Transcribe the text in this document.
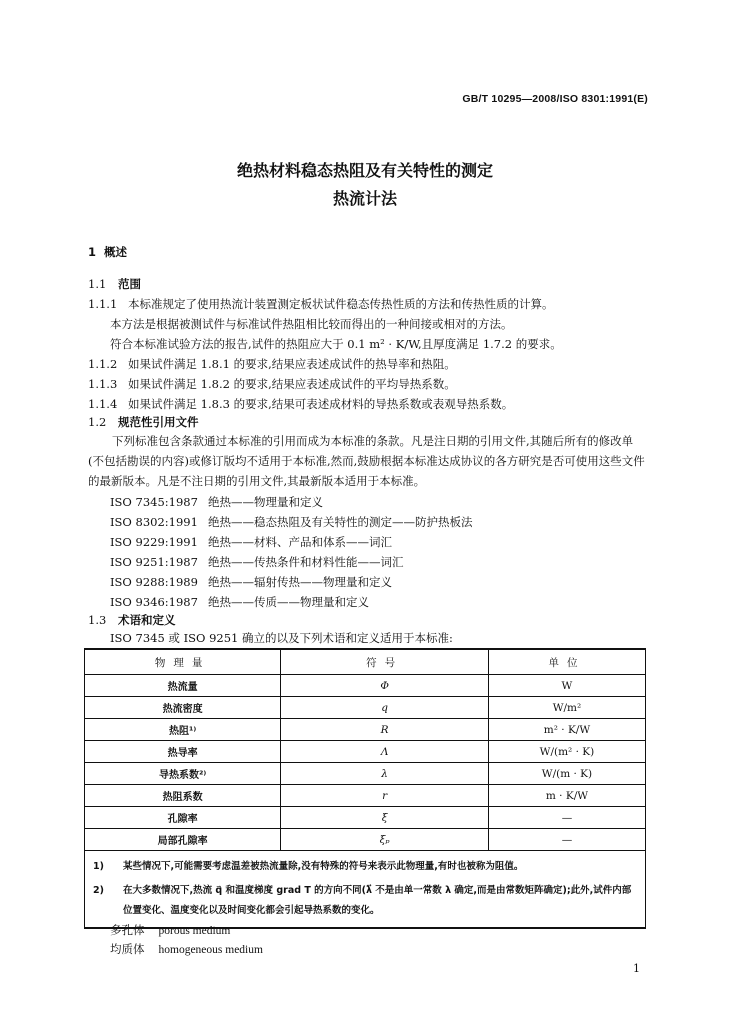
GB/T 10295—2008/ISO 8301:1991(E)
绝热材料稳态热阻及有关特性的测定
热流计法
1 概述
1.1 范围
1.1.1 本标准规定了使用热流计装置测定板状试件稳态传热性质的方法和传热性质的计算。
本方法是根据被测试件与标准试件热阻相比较而得出的一种间接或相对的方法。
符合本标准试验方法的报告,试件的热阻应大于 0.1 m² · K/W,且厚度满足 1.7.2 的要求。
1.1.2 如果试件满足 1.8.1 的要求,结果应表述成试件的热导率和热阻。
1.1.3 如果试件满足 1.8.2 的要求,结果应表述成试件的平均导热系数。
1.1.4 如果试件满足 1.8.3 的要求,结果可表述成材料的导热系数或表观导热系数。
1.2 规范性引用文件
下列标准包含条款通过本标准的引用而成为本标准的条款。凡是注日期的引用文件,其随后所有的修改单(不包括勘误的内容)或修订版均不适用于本标准,然而,鼓励根据本标准达成协议的各方研究是否可使用这些文件的最新版本。凡是不注日期的引用文件,其最新版本适用于本标准。
ISO 7345:1987 绝热——物理量和定义
ISO 8302:1991 绝热——稳态热阻及有关特性的测定——防护热板法
ISO 9229:1991 绝热——材料、产品和体系——词汇
ISO 9251:1987 绝热——传热条件和材料性能——词汇
ISO 9288:1989 绝热——辐射传热——物理量和定义
ISO 9346:1987 绝热——传质——物理量和定义
1.3 术语和定义
ISO 7345 或 ISO 9251 确立的以及下列术语和定义适用于本标准:
物理量	符号	单位
热流量	Φ	W
热流密度	q	W/m²
热阻¹⁾	R	m² · K/W
热导率	Λ	W/(m² · K)
导热系数²⁾	λ	W/(m · K)
热阻系数	r	m · K/W
孔隙率	ξ	—
局部孔隙率	ξₚ	—

1) 某些情况下,可能需要考虑温差被热流量除,没有特殊的符号来表示此物理量,有时也被称为阻值。
2) 在大多数情况下,热流 q⃗ 和温度梯度 grad T 的方向不同(λ⃗ 不是由单一常数 λ 确定,而是由常数矩阵确定);此外,试件内部位置变化、温度变化以及时间变化都会引起导热系数的变化。		
多孔体 porous medium
均质体 homogeneous medium
1
